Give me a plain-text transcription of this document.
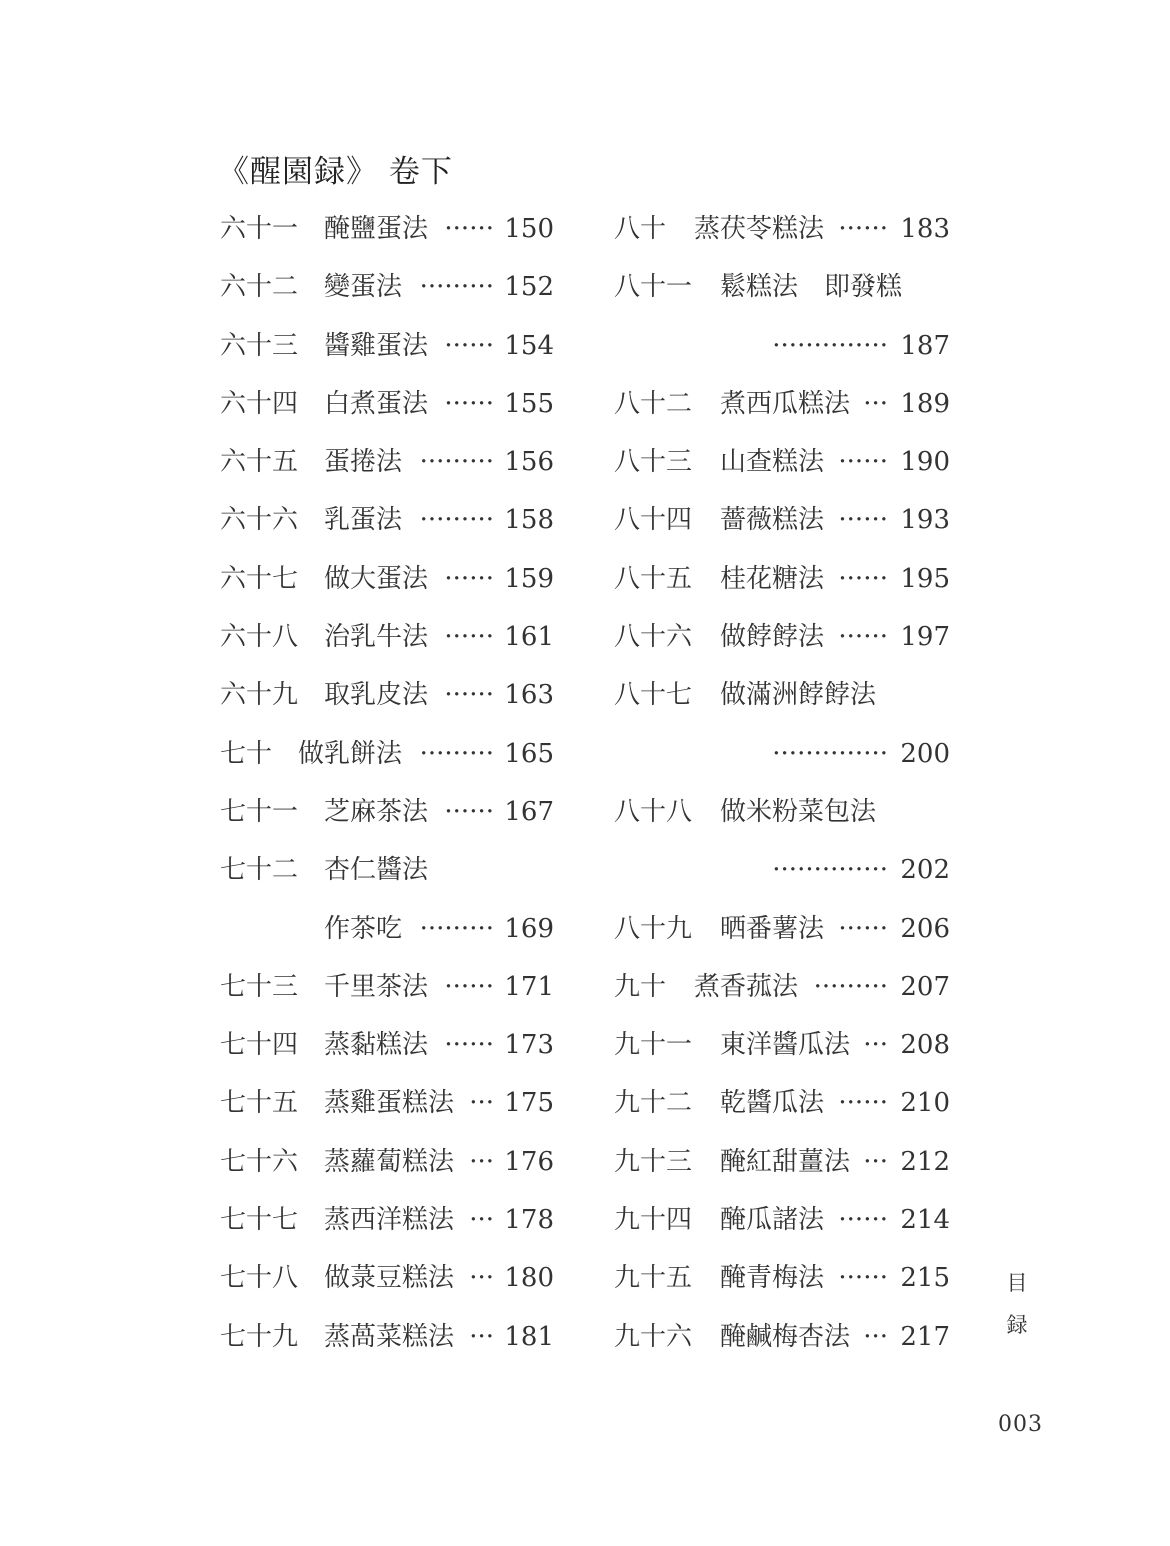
《醒園録》 卷下
六十一 醃鹽蛋法 ······ 150
六十二 變蛋法 ········· 152
六十三 醬雞蛋法 ······ 154
六十四 白煮蛋法 ······ 155
六十五 蛋捲法 ········· 156
六十六 乳蛋法 ········· 158
六十七 做大蛋法 ······ 159
六十八 治乳牛法 ······ 161
六十九 取乳皮法 ······ 163
七十 做乳餅法 ········· 165
七十一 芝麻茶法 ······ 167
七十二 杏仁醬法
作茶吃 ········· 169
七十三 千里茶法 ······ 171
七十四 蒸黏糕法 ······ 173
七十五 蒸雞蛋糕法 ··· 175
七十六 蒸蘿蔔糕法 ··· 176
七十七 蒸西洋糕法 ··· 178
七十八 做菉豆糕法 ··· 180
七十九 蒸萵菜糕法 ··· 181
八十 蒸茯苓糕法 ······ 183
八十一 鬆糕法　即發糕
·············· 187
八十二 煮西瓜糕法 ··· 189
八十三 山查糕法 ······ 190
八十四 薔薇糕法 ······ 193
八十五 桂花糖法 ······ 195
八十六 做餑餑法 ······ 197
八十七 做滿洲餑餑法
·············· 200
八十八 做米粉菜包法
·············· 202
八十九 晒番薯法 ······ 206
九十 煮香菰法 ········· 207
九十一 東洋醬瓜法 ··· 208
九十二 乾醬瓜法 ······ 210
九十三 醃紅甜薑法 ··· 212
九十四 醃瓜諸法 ······ 214
九十五 醃青梅法 ······ 215
九十六 醃鹹梅杏法 ··· 217
目
録
003
